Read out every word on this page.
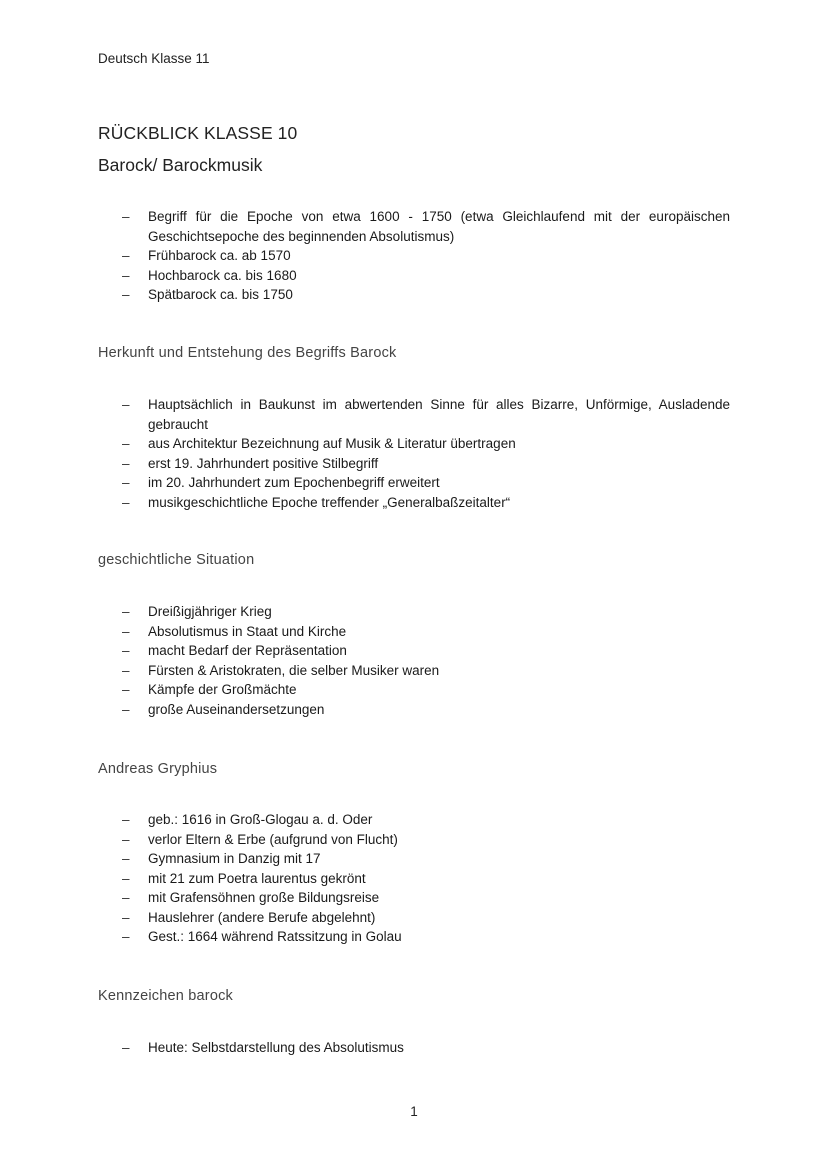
Deutsch Klasse 11
RÜCKBLICK KLASSE 10
Barock/ Barockmusik
– Begriff für die Epoche von etwa 1600 - 1750 (etwa Gleichlaufend mit der europäischen Geschichtsepoche des beginnenden Absolutismus)
– Frühbarock ca. ab 1570
– Hochbarock ca. bis 1680
– Spätbarock ca. bis 1750
Herkunft und Entstehung des Begriffs Barock
– Hauptsächlich in Baukunst im abwertenden Sinne für alles Bizarre, Unförmige, Ausladende gebraucht
– aus Architektur Bezeichnung auf Musik & Literatur übertragen
– erst 19. Jahrhundert positive Stilbegriff
– im 20. Jahrhundert zum Epochenbegriff erweitert
– musikgeschichtliche Epoche treffender „Generalbaßzeitalter“
geschichtliche Situation
– Dreißigjähriger Krieg
– Absolutismus in Staat und Kirche
– macht Bedarf der Repräsentation
– Fürsten & Aristokraten, die selber Musiker waren
– Kämpfe der Großmächte
– große Auseinandersetzungen
Andreas Gryphius
– geb.: 1616 in Groß-Glogau a. d. Oder
– verlor Eltern & Erbe (aufgrund von Flucht)
– Gymnasium in Danzig mit 17
– mit 21 zum Poetra laurentus gekrönt
– mit Grafensöhnen große Bildungsreise
– Hauslehrer (andere Berufe abgelehnt)
– Gest.: 1664 während Ratssitzung in Golau
Kennzeichen barock
– Heute: Selbstdarstellung des Absolutismus
1
